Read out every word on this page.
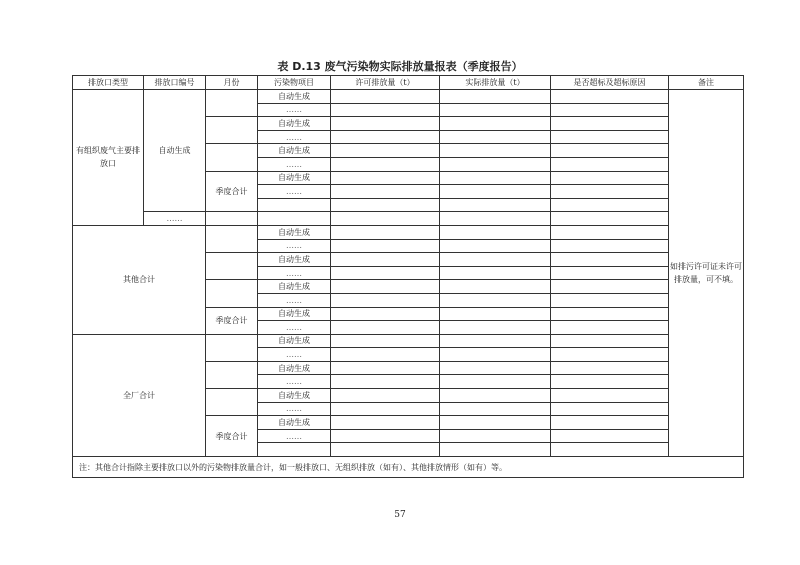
表 D.13 废气污染物实际排放量报表（季度报告）
排放口类型	排放口编号	月份	污染物项目	许可排放量（t）	实际排放量（t）	是否超标及超标原因	备注
有组织废气主要排放口	自动生成		自动生成				如排污许可证未许可排放量，可不填。
			……				
			自动生成				
			……				
			自动生成				
			……				
		季度合计	自动生成				
			……				

	……						
其他合计			自动生成				
			……				
			自动生成				
			……				
			自动生成				
			……				
		季度合计	自动生成				
			……				
全厂合计			自动生成				
			……				
			自动生成				
			……				
			自动生成				
			……				
		季度合计	自动生成				
			……				

注：其他合计指除主要排放口以外的污染物排放量合计，如一般排放口、无组织排放（如有）、其他排放情形（如有）等。							
57
